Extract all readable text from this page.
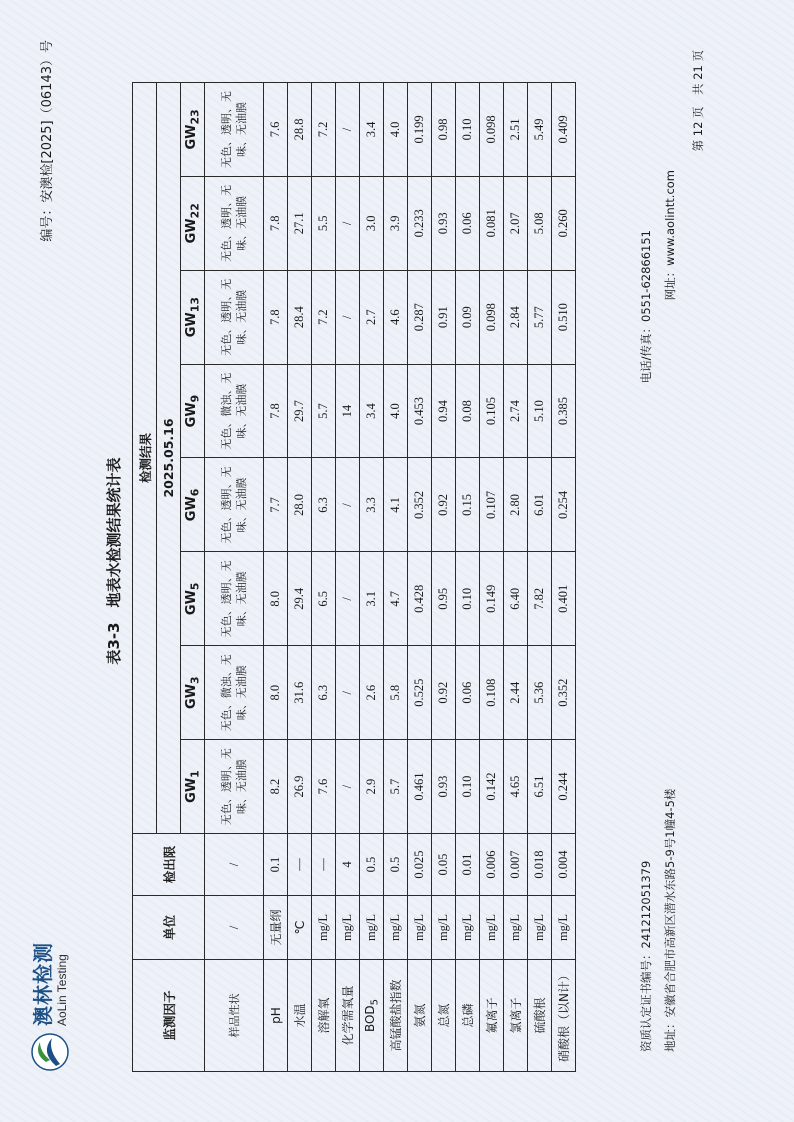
澳林检测 AoLin Testing
编号：安澳检[2025]（06143）号
表3-3　地表水检测结果统计表
监测因子	单位	检出限	检测结果							
			2025.05.16							
			$GW_1$	$GW_3$	$GW_5$	$GW_6$	$GW_9$	$GW_{13}$	$GW_{22}$	$GW_{23}$
样品性状	/	/	无色、透明、无味、无油膜	无色、微浊、无味、无油膜	无色、透明、无味、无油膜	无色、透明、无味、无油膜	无色、微浊、无味、无油膜	无色、透明、无味、无油膜	无色、透明、无味、无油膜	无色、透明、无味、无油膜
pH	无量纲	0.1	8.2	8.0	8.0	7.7	7.8	7.8	7.8	7.6
水温	℃	—	26.9	31.6	29.4	28.0	29.7	28.4	27.1	28.8
溶解氧	mg/L	—	7.6	6.3	6.5	6.3	5.7	7.2	5.5	7.2
化学需氧量	mg/L	4	/	/	/	/	14	/	/	/
$BOD_5$	mg/L	0.5	2.9	2.6	3.1	3.3	3.4	2.7	3.0	3.4
高锰酸盐指数	mg/L	0.5	5.7	5.8	4.7	4.1	4.0	4.6	3.9	4.0
氨氮	mg/L	0.025	0.461	0.525	0.428	0.352	0.453	0.287	0.233	0.199
总氮	mg/L	0.05	0.93	0.92	0.95	0.92	0.94	0.91	0.93	0.98
总磷	mg/L	0.01	0.10	0.06	0.10	0.15	0.08	0.09	0.06	0.10
氟离子	mg/L	0.006	0.142	0.108	0.149	0.107	0.105	0.098	0.081	0.098
氯离子	mg/L	0.007	4.65	2.44	6.40	2.80	2.74	2.84	2.07	2.51
硫酸根	mg/L	0.018	6.51	5.36	7.82	6.01	5.10	5.77	5.08	5.49
硝酸根（以N计）	mg/L	0.004	0.244	0.352	0.401	0.254	0.385	0.510	0.260	0.409
资质认定证书编号：241212051379 地址：安徽省合肥市高新区潜水东路5-9号1幢4-5楼
电话/传真：0551-62866151 网址：www.aolintt.com
第 12 页　共 21 页
